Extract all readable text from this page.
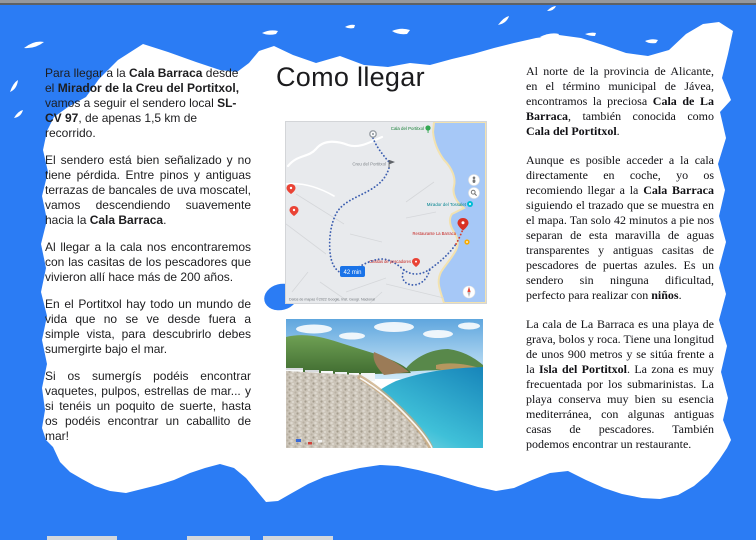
Para llegar a la Cala Barraca desde el Mirador de la Creu del Portitxol, vamos a seguir el sendero local SL-CV 97, de apenas 1,5 km de recorrido.

El sendero está bien señalizado y no tiene pérdida. Entre pinos y antiguas terrazas de bancales de uva moscatel, vamos descendiendo suavemente hacia la Cala Barraca.

Al llegar a la cala nos encontraremos con las casitas de los pescadores que vivieron allí hace más de 200 años.

En el Portitxol hay todo un mundo de vida que no se ve desde fuera a simple vista, para descubrirlo debes sumergirte bajo el mar.

Si os sumergís podéis encontrar vaquetes, pulpos, estrellas de mar... y si tenéis un poquito de suerte, hasta os podéis encontrar un caballito de mar!

Como llegar
Creu del Portitxol
Mirador del Tossalet
Cala del Portitxol
Restaurante La Barraca
Casitas de pescadores
42 min
Datos de mapas ©2022 Google, Inst. Geogr. Nacional

Al norte de la provincia de Alicante, en el término municipal de Jávea, encontramos la preciosa Cala de La Barraca, también conocida como Cala del Portitxol.

Aunque es posible acceder a la cala directamente en coche, yo os recomiendo llegar a la Cala Barraca siguiendo el trazado que se muestra en el mapa. Tan solo 42 minutos a pie nos separan de esta maravilla de aguas transparentes y antiguas casitas de pescadores de puertas azules. Es un sendero sin ninguna dificultad, perfecto para realizar con niños.

La cala de La Barraca es una playa de grava, bolos y roca. Tiene una longitud de unos 900 metros y se sitúa frente a la Isla del Portitxol. La zona es muy frecuentada por los submarinistas. La playa conserva muy bien su esencia mediterránea, con algunas antiguas casas de pescadores. También podemos encontrar un restaurante.
